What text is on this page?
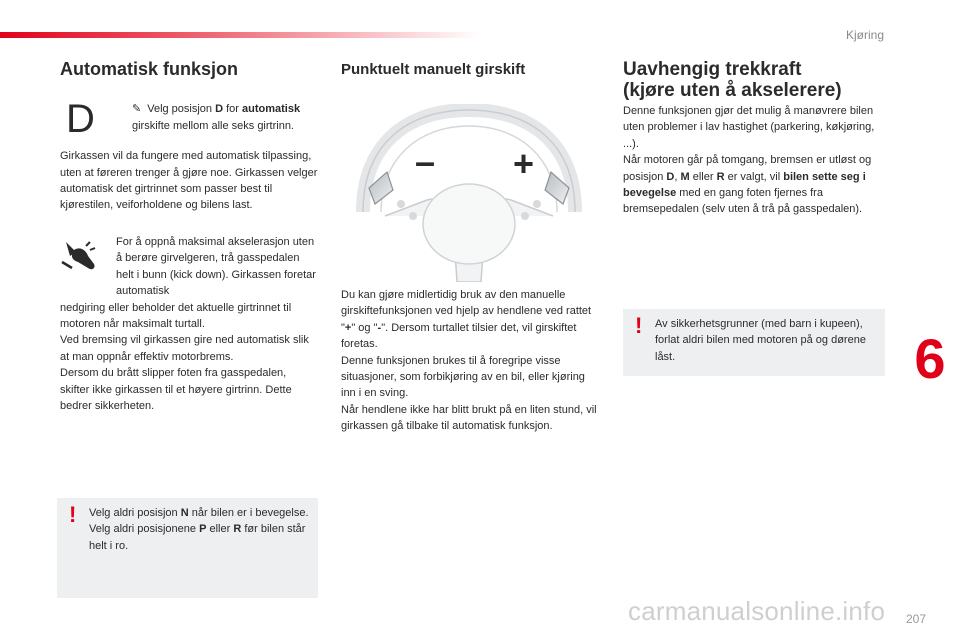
Kjøring
6
207
carmanualsonline.info
Automatisk funksjon
D	✎ Velg posisjon D for automatisk girskifte mellom alle seks girtrinn.

Girkassen vil da fungere med automatisk tilpassing, uten at føreren trenger å gjøre noe. Girkassen velger automatisk det girtrinnet som passer best til kjørestilen, veiforholdene og bilens last.

For å oppnå maksimal akselerasjon uten å berøre girvelgeren, trå gasspedalen helt i bunn (kick down). Girkassen foretar automatisk

nedgiring eller beholder det aktuelle girtrinnet til motoren når maksimalt turtall.

Ved bremsing vil girkassen gire ned automatisk slik at man oppnår effektiv motorbrems.

Dersom du brått slipper foten fra gasspedalen, skifter ikke girkassen til et høyere girtrinn. Dette bedrer sikkerheten.

! Velg aldri posisjon N når bilen er i bevegelse.

Velg aldri posisjonene P eller R før bilen står helt i ro.

Punktuelt manuelt girskift
– +

Du kan gjøre midlertidig bruk av den manuelle girskiftefunksjonen ved hjelp av hendlene ved rattet "+" og "-". Dersom turtallet tilsier det, vil girskiftet foretas.

Denne funksjonen brukes til å foregripe visse situasjoner, som forbikjøring av en bil, eller kjøring inn i en sving.

Når hendlene ikke har blitt brukt på en liten stund, vil girkassen gå tilbake til automatisk funksjon.

Uavhengig trekkraft
(kjøre uten å akselerere)

Denne funksjonen gjør det mulig å manøvrere bilen uten problemer i lav hastighet (parkering, køkjøring, ...).

Når motoren går på tomgang, bremsen er utløst og posisjon D, M eller R er valgt, vil bilen sette seg i bevegelse med en gang foten fjernes fra bremsepedalen (selv uten å trå på gasspedalen).

! Av sikkerhetsgrunner (med barn i kupeen), forlat aldri bilen med motoren på og dørene låst.
